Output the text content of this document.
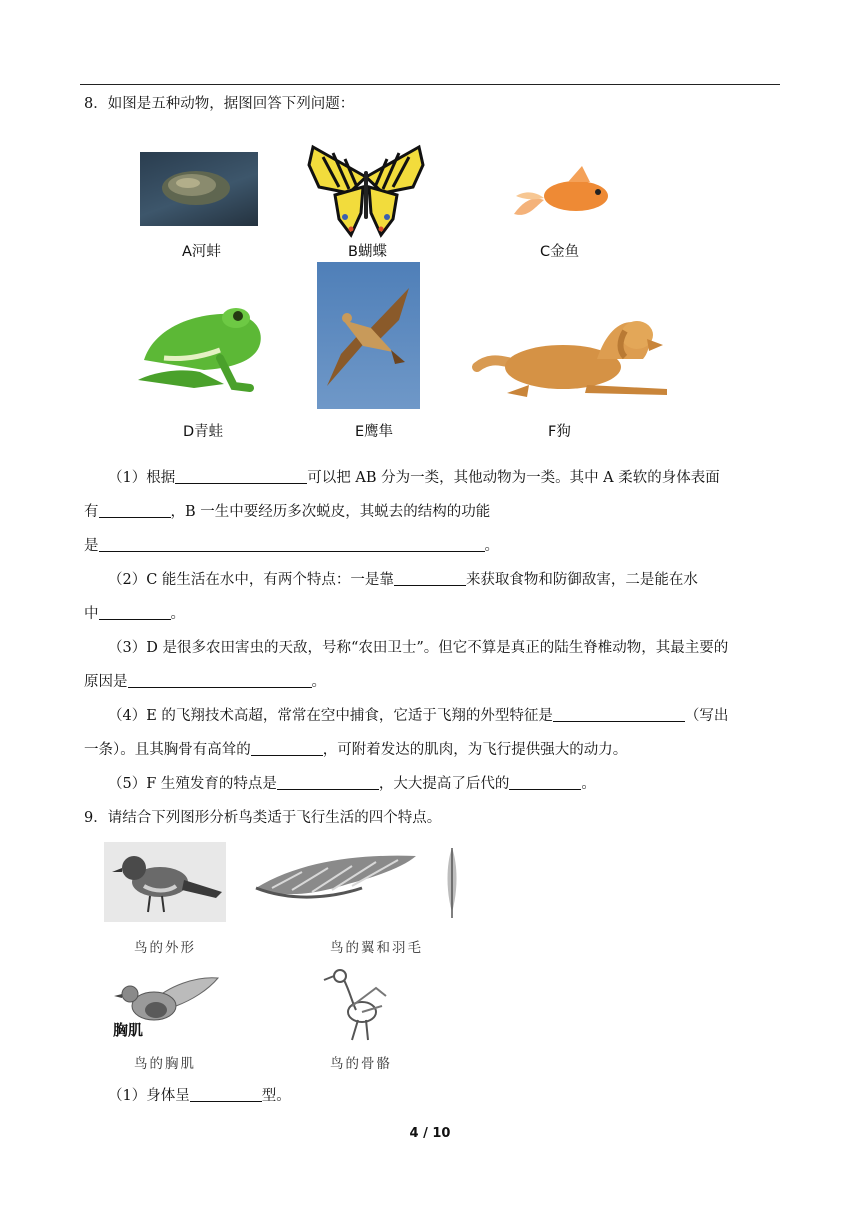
8．如图是五种动物，据图回答下列问题：
A河蚌	B蝴蝶	C金鱼
D青蛙	E鹰隼	F狗
（1）根据	可以把 AB 分为一类，其他动物为一类。其中 A 柔软的身体表面
有	，B 一生中要经历多次蜕皮，其蜕去的结构的功能
是	。
（2）C 能生活在水中，有两个特点：一是靠	来获取食物和防御敌害，二是能在水
中	。
（3）D 是很多农田害虫的天敌，号称“农田卫士”。但它不算是真正的陆生脊椎动物，其最主要的
原因是	。
（4）E 的飞翔技术高超，常常在空中捕食，它适于飞翔的外型特征是	（写出
一条）。且其胸骨有高耸的	，可附着发达的肌肉，为飞行提供强大的动力。
（5）F 生殖发育的特点是	，大大提高了后代的	。
9．请结合下列图形分析鸟类适于飞行生活的四个特点。
鸟的外形	鸟的翼和羽毛
胸肌
鸟的胸肌	鸟的骨骼
（1）身体呈	型。
4 / 10
